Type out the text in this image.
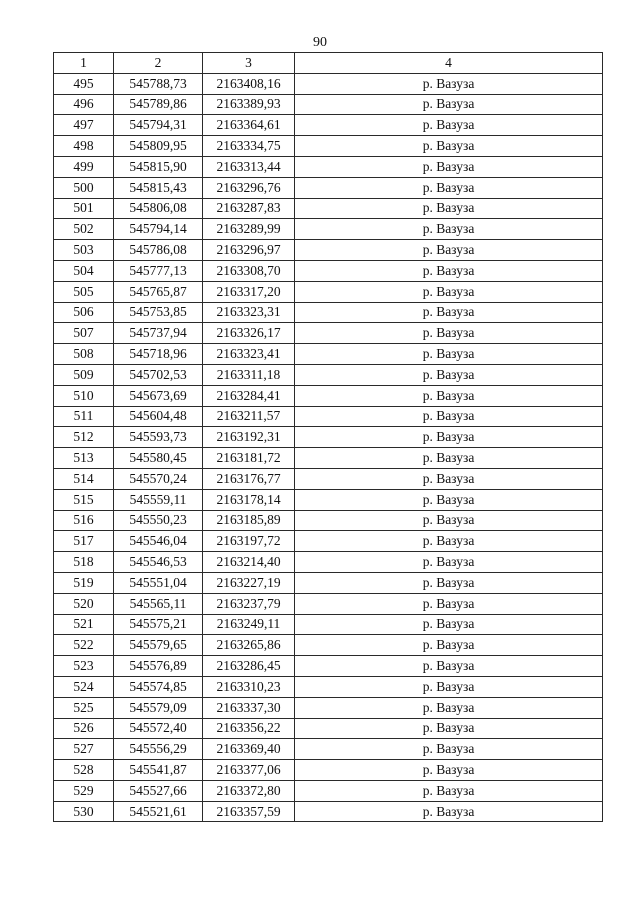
90
1	2	3	4
495	545788,73	2163408,16	р. Вазуза
496	545789,86	2163389,93	р. Вазуза
497	545794,31	2163364,61	р. Вазуза
498	545809,95	2163334,75	р. Вазуза
499	545815,90	2163313,44	р. Вазуза
500	545815,43	2163296,76	р. Вазуза
501	545806,08	2163287,83	р. Вазуза
502	545794,14	2163289,99	р. Вазуза
503	545786,08	2163296,97	р. Вазуза
504	545777,13	2163308,70	р. Вазуза
505	545765,87	2163317,20	р. Вазуза
506	545753,85	2163323,31	р. Вазуза
507	545737,94	2163326,17	р. Вазуза
508	545718,96	2163323,41	р. Вазуза
509	545702,53	2163311,18	р. Вазуза
510	545673,69	2163284,41	р. Вазуза
511	545604,48	2163211,57	р. Вазуза
512	545593,73	2163192,31	р. Вазуза
513	545580,45	2163181,72	р. Вазуза
514	545570,24	2163176,77	р. Вазуза
515	545559,11	2163178,14	р. Вазуза
516	545550,23	2163185,89	р. Вазуза
517	545546,04	2163197,72	р. Вазуза
518	545546,53	2163214,40	р. Вазуза
519	545551,04	2163227,19	р. Вазуза
520	545565,11	2163237,79	р. Вазуза
521	545575,21	2163249,11	р. Вазуза
522	545579,65	2163265,86	р. Вазуза
523	545576,89	2163286,45	р. Вазуза
524	545574,85	2163310,23	р. Вазуза
525	545579,09	2163337,30	р. Вазуза
526	545572,40	2163356,22	р. Вазуза
527	545556,29	2163369,40	р. Вазуза
528	545541,87	2163377,06	р. Вазуза
529	545527,66	2163372,80	р. Вазуза
530	545521,61	2163357,59	р. Вазуза
